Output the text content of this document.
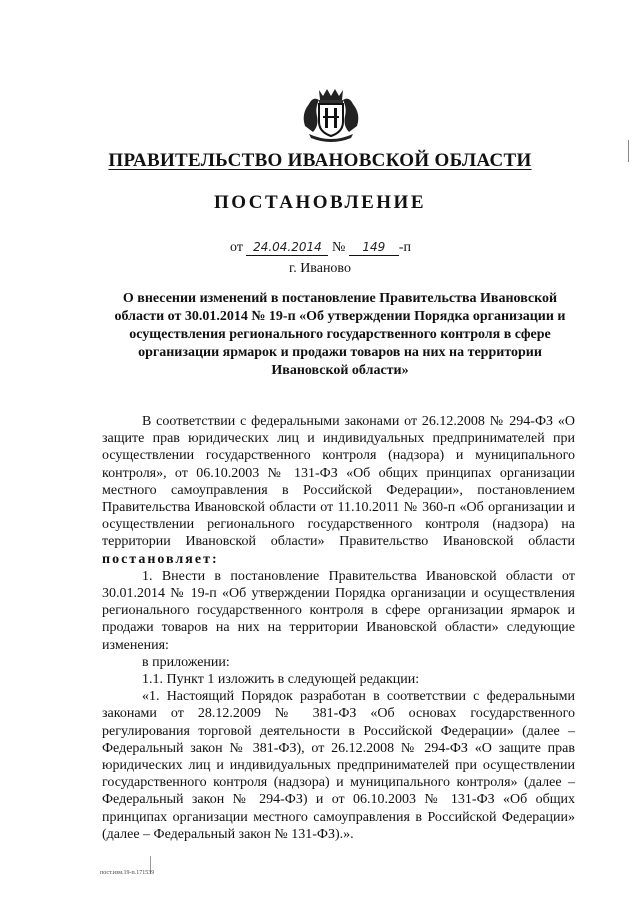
ПРАВИТЕЛЬСТВО ИВАНОВСКОЙ ОБЛАСТИ
ПОСТАНОВЛЕНИЕ
от 24.04.2014 № 149 -п
г. Иваново
О внесении изменений в постановление Правительства Ивановской области от 30.01.2014 № 19-п «Об утверждении Порядка организации и осуществления регионального государственного контроля в сфере организации ярмарок и продажи товаров на них на территории Ивановской области»

В соответствии с федеральными законами от 26.12.2008 № 294-ФЗ «О защите прав юридических лиц и индивидуальных предпринимателей при осуществлении государственного контроля (надзора) и муниципального контроля», от 06.10.2003 № 131-ФЗ «Об общих принципах организации местного самоуправления в Российской Федерации», постановлением Правительства Ивановской области от 11.10.2011 № 360-п «Об организации и осуществлении регионального государственного контроля (надзора) на территории Ивановской области» Правительство Ивановской области постановляет:

1. Внести в постановление Правительства Ивановской области от 30.01.2014 № 19-п «Об утверждении Порядка организации и осуществления регионального государственного контроля в сфере организации ярмарок и продажи товаров на них на территории Ивановской области» следующие изменения:

в приложении:

1.1. Пункт 1 изложить в следующей редакции:

«1. Настоящий Порядок разработан в соответствии с федеральными законами от 28.12.2009 № 381-ФЗ «Об основах государственного регулирования торговой деятельности в Российской Федерации» (далее – Федеральный закон № 381-ФЗ), от 26.12.2008 № 294-ФЗ «О защите прав юридических лиц и индивидуальных предпринимателей при осуществлении государственного контроля (надзора) и муниципального контроля» (далее – Федеральный закон № 294-ФЗ) и от 06.10.2003 № 131-ФЗ «Об общих принципах организации местного самоуправления в Российской Федерации» (далее – Федеральный закон № 131-ФЗ).».

пост.изм.19-п.171539
